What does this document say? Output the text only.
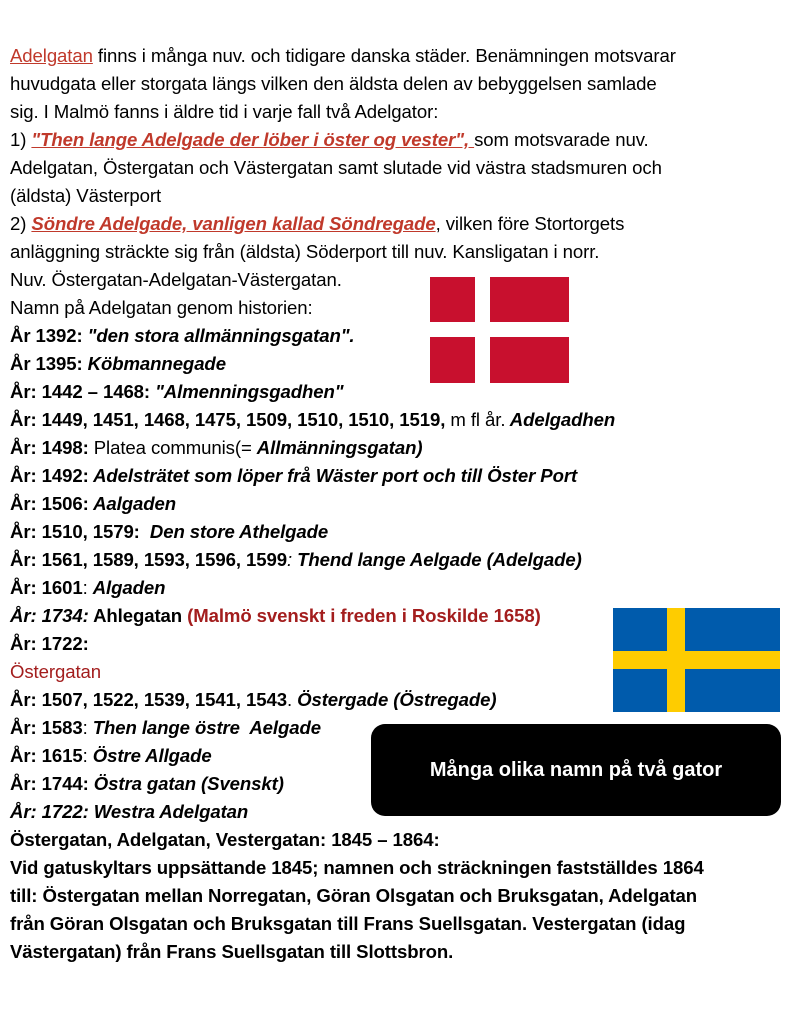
Adelgatan finns i många nuv. och tidigare danska städer. Benämningen motsvarar
huvudgata eller storgata längs vilken den äldsta delen av bebyggelsen samlade
sig. I Malmö fanns i äldre tid i varje fall två Adelgator:
1) "Then lange Adelgade der löber i öster og vester", som motsvarade nuv.
Adelgatan, Östergatan och Västergatan samt slutade vid västra stadsmuren och
(äldsta) Västerport
2) Söndre Adelgade, vanligen kallad Söndregade, vilken före Stortorgets
anläggning sträckte sig från (äldsta) Söderport till nuv. Kansligatan i norr.
Nuv. Östergatan-Adelgatan-Västergatan.
Namn på Adelgatan genom historien:
År 1392: "den stora allmänningsgatan".
År 1395: Köbmannegade
År: 1442 – 1468: "Almenningsgadhen"
År: 1449, 1451, 1468, 1475, 1509, 1510, 1510, 1519, m fl år. Adelgadhen
År: 1498: Platea communis(= Allmänningsgatan)
År: 1492: Adelsträtet som löper frå Wäster port och till Öster Port
År: 1506: Aalgaden
År: 1510, 1579:  Den store Athelgade
År: 1561, 1589, 1593, 1596, 1599: Thend lange Aelgade (Adelgade)
År: 1601: Algaden
År: 1734: Ahlegatan (Malmö svenskt i freden i Roskilde 1658)
År: 1722:
Östergatan
År: 1507, 1522, 1539, 1541, 1543. Östergade (Östregade)
År: 1583: Then lange östre  Aelgade
År: 1615: Östre Allgade
År: 1744: Östra gatan (Svenskt)
År: 1722: Westra Adelgatan
Östergatan, Adelgatan, Vestergatan: 1845 – 1864:
Vid gatuskyltars uppsättande 1845; namnen och sträckningen fastställdes 1864
till: Östergatan mellan Norregatan, Göran Olsgatan och Bruksgatan, Adelgatan
från Göran Olsgatan och Bruksgatan till Frans Suellsgatan. Vestergatan (idag
Västergatan) från Frans Suellsgatan till Slottsbron.
Många olika namn på två gator
